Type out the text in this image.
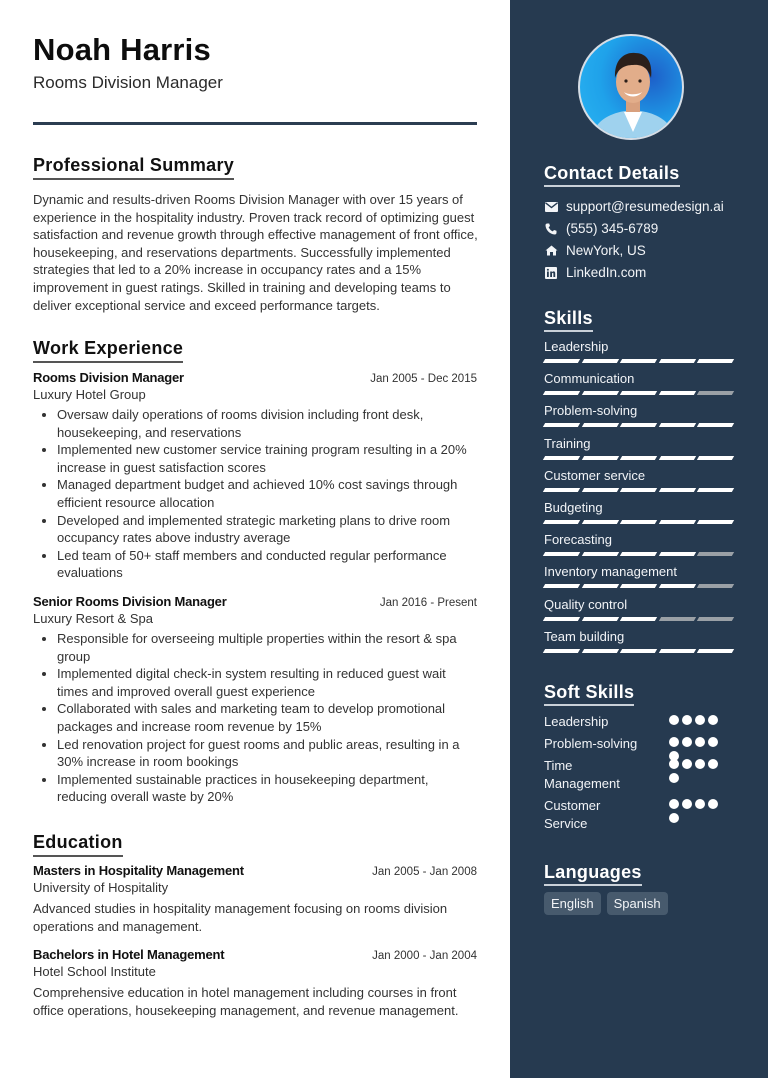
Noah Harris
Rooms Division Manager
Professional Summary
Dynamic and results-driven Rooms Division Manager with over 15 years of experience in the hospitality industry. Proven track record of optimizing guest satisfaction and revenue growth through effective management of front office, housekeeping, and reservations departments. Successfully implemented strategies that led to a 20% increase in occupancy rates and a 15% improvement in guest ratings. Skilled in training and developing teams to deliver exceptional service and exceed performance targets.
Work Experience
Rooms Division Manager	Jan 2005 - Dec 2015
Luxury Hotel Group
• Oversaw daily operations of rooms division including front desk, housekeeping, and reservations
• Implemented new customer service training program resulting in a 20% increase in guest satisfaction scores
• Managed department budget and achieved 10% cost savings through efficient resource allocation
• Developed and implemented strategic marketing plans to drive room occupancy rates above industry average
• Led team of 50+ staff members and conducted regular performance evaluations
Senior Rooms Division Manager	Jan 2016 - Present
Luxury Resort & Spa
• Responsible for overseeing multiple properties within the resort & spa group
• Implemented digital check-in system resulting in reduced guest wait times and improved overall guest experience
• Collaborated with sales and marketing team to develop promotional packages and increase room revenue by 15%
• Led renovation project for guest rooms and public areas, resulting in a 30% increase in room bookings
• Implemented sustainable practices in housekeeping department, reducing overall waste by 20%
Education
Masters in Hospitality Management	Jan 2005 - Jan 2008
University of Hospitality
Advanced studies in hospitality management focusing on rooms division operations and management.
Bachelors in Hotel Management	Jan 2000 - Jan 2004
Hotel School Institute
Comprehensive education in hotel management including courses in front office operations, housekeeping management, and revenue management.
Contact Details
support@resumedesign.ai
(555) 345-6789
NewYork, US
LinkedIn.com
Skills
Leadership
Communication
Problem-solving
Training
Customer service
Budgeting
Forecasting
Inventory management
Quality control
Team building
Soft Skills
Leadership
Problem-solving
Time Management
Customer Service
Languages
English	Spanish
